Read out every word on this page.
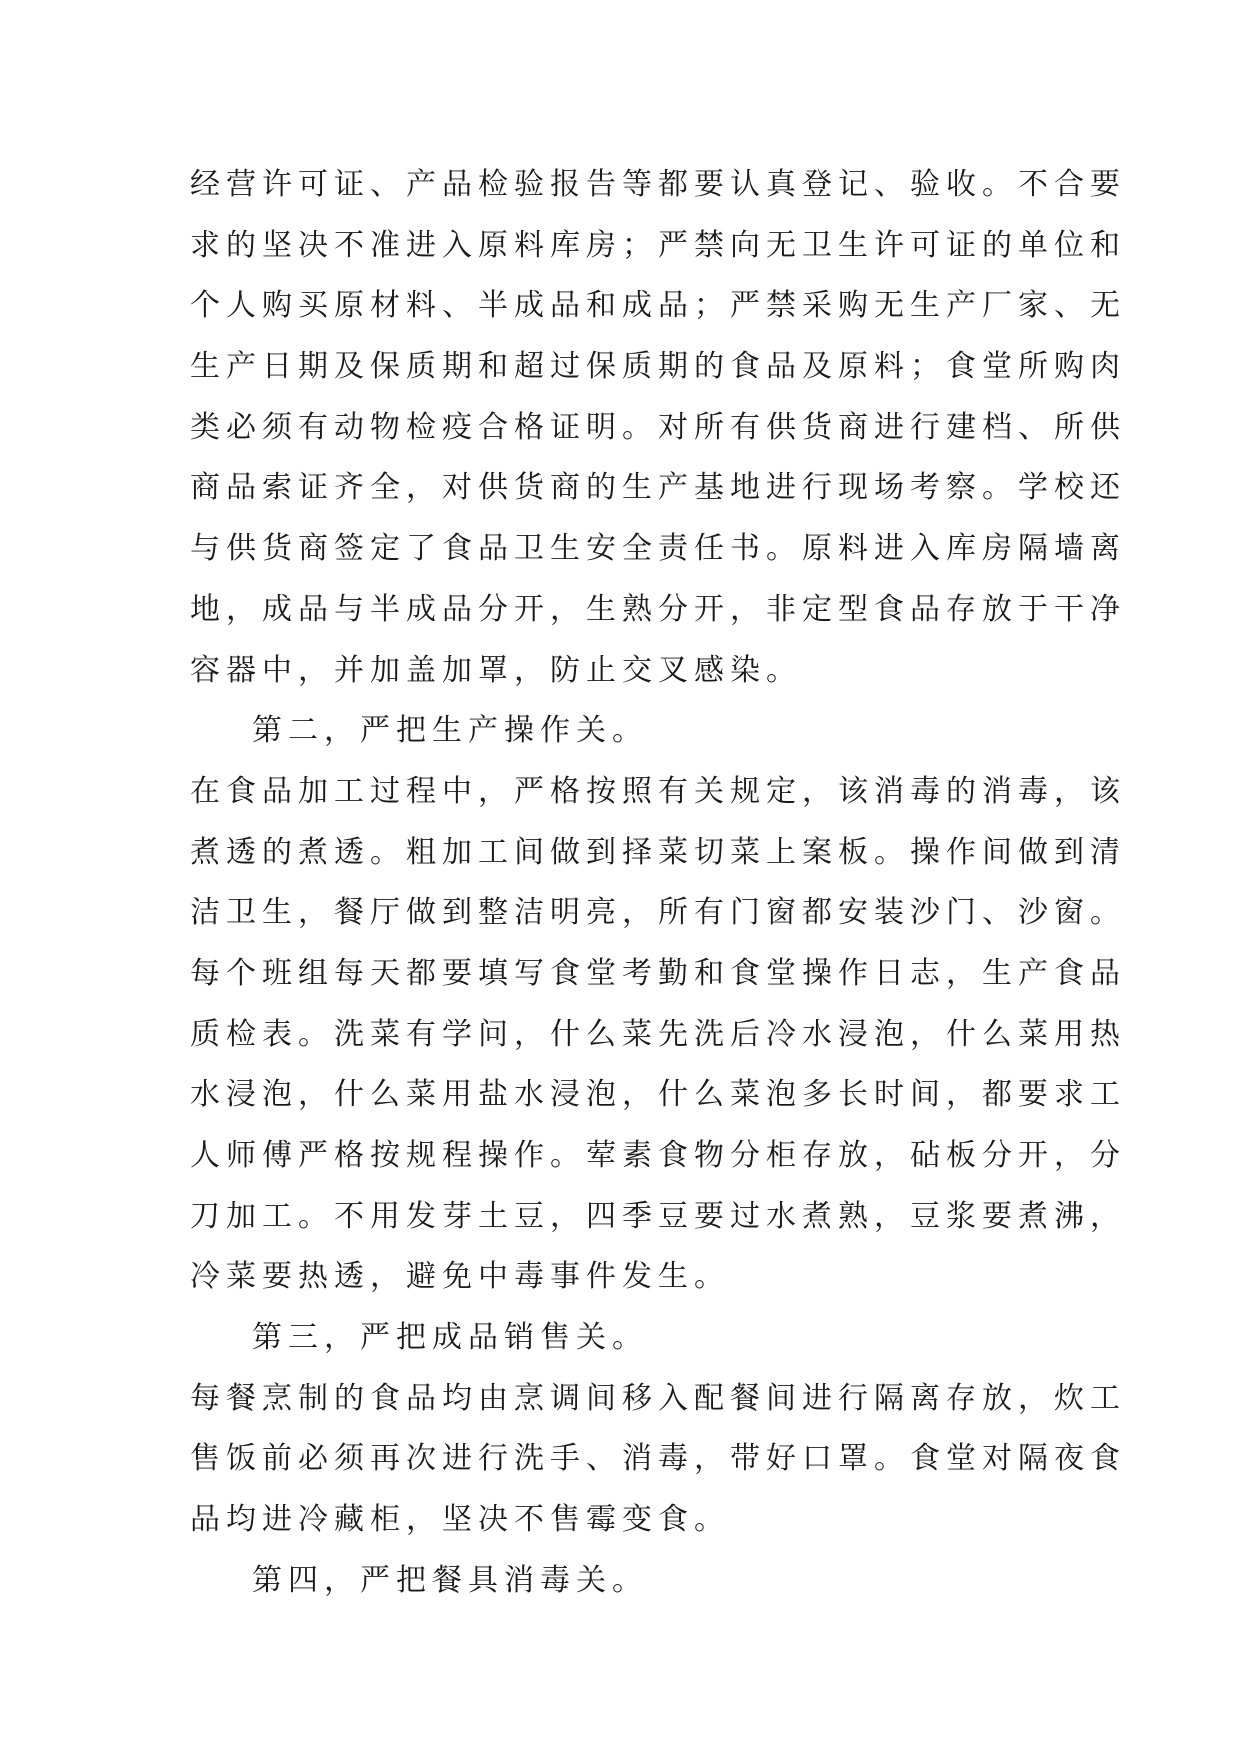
经营许可证、产品检验报告等都要认真登记、验收。不合要
求的坚决不准进入原料库房；严禁向无卫生许可证的单位和
个人购买原材料、半成品和成品；严禁采购无生产厂家、无
生产日期及保质期和超过保质期的食品及原料；食堂所购肉
类必须有动物检疫合格证明。对所有供货商进行建档、所供
商品索证齐全，对供货商的生产基地进行现场考察。学校还
与供货商签定了食品卫生安全责任书。原料进入库房隔墙离
地，成品与半成品分开，生熟分开，非定型食品存放于干净
容器中，并加盖加罩，防止交叉感染。
第二，严把生产操作关。
在食品加工过程中，严格按照有关规定，该消毒的消毒，该
煮透的煮透。粗加工间做到择菜切菜上案板。操作间做到清
洁卫生，餐厅做到整洁明亮，所有门窗都安装沙门、沙窗。
每个班组每天都要填写食堂考勤和食堂操作日志，生产食品
质检表。洗菜有学问，什么菜先洗后冷水浸泡，什么菜用热
水浸泡，什么菜用盐水浸泡，什么菜泡多长时间，都要求工
人师傅严格按规程操作。荤素食物分柜存放，砧板分开，分
刀加工。不用发芽土豆，四季豆要过水煮熟，豆浆要煮沸，
冷菜要热透，避免中毒事件发生。
第三，严把成品销售关。
每餐烹制的食品均由烹调间移入配餐间进行隔离存放，炊工
售饭前必须再次进行洗手、消毒，带好口罩。食堂对隔夜食
品均进冷藏柜，坚决不售霉变食。
第四，严把餐具消毒关。
